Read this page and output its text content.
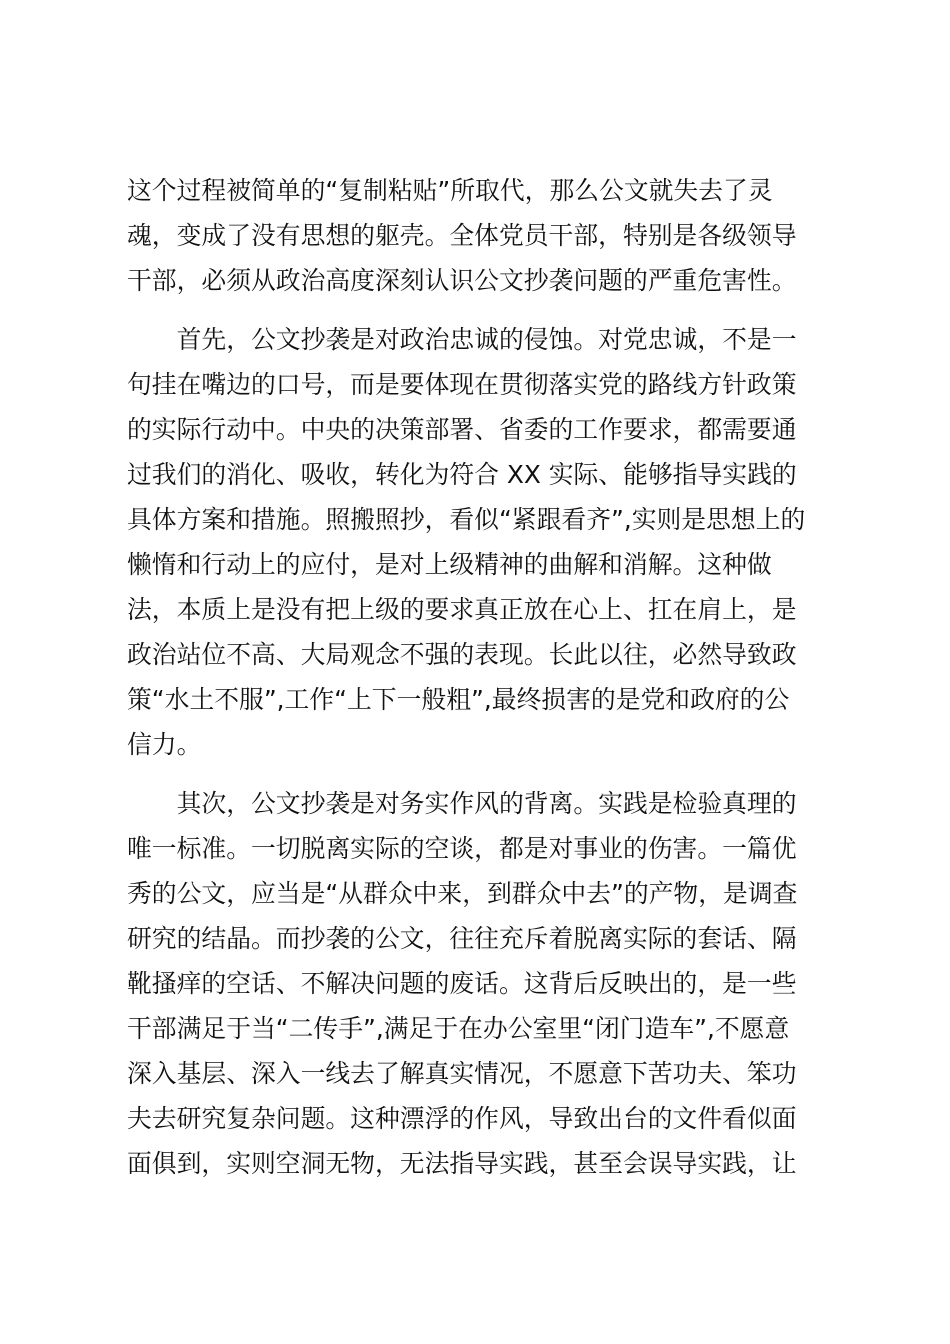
这个过程被简单的“复制粘贴”所取代，那么公文就失去了灵
魂，变成了没有思想的躯壳。全体党员干部，特别是各级领导
干部，必须从政治高度深刻认识公文抄袭问题的严重危害性。
　　首先，公文抄袭是对政治忠诚的侵蚀。对党忠诚，不是一
句挂在嘴边的口号，而是要体现在贯彻落实党的路线方针政策
的实际行动中。中央的决策部署、省委的工作要求，都需要通
过我们的消化、吸收，转化为符合 XX 实际、能够指导实践的
具体方案和措施。照搬照抄，看似“紧跟看齐”,实则是思想上的
懒惰和行动上的应付，是对上级精神的曲解和消解。这种做
法，本质上是没有把上级的要求真正放在心上、扛在肩上，是
政治站位不高、大局观念不强的表现。长此以往，必然导致政
策“水土不服”,工作“上下一般粗”,最终损害的是党和政府的公
信力。
　　其次，公文抄袭是对务实作风的背离。实践是检验真理的
唯一标准。一切脱离实际的空谈，都是对事业的伤害。一篇优
秀的公文，应当是“从群众中来，到群众中去”的产物，是调查
研究的结晶。而抄袭的公文，往往充斥着脱离实际的套话、隔
靴搔痒的空话、不解决问题的废话。这背后反映出的，是一些
干部满足于当“二传手”,满足于在办公室里“闭门造车”,不愿意
深入基层、深入一线去了解真实情况，不愿意下苦功夫、笨功
夫去研究复杂问题。这种漂浮的作风，导致出台的文件看似面
面俱到，实则空洞无物，无法指导实践，甚至会误导实践，让
